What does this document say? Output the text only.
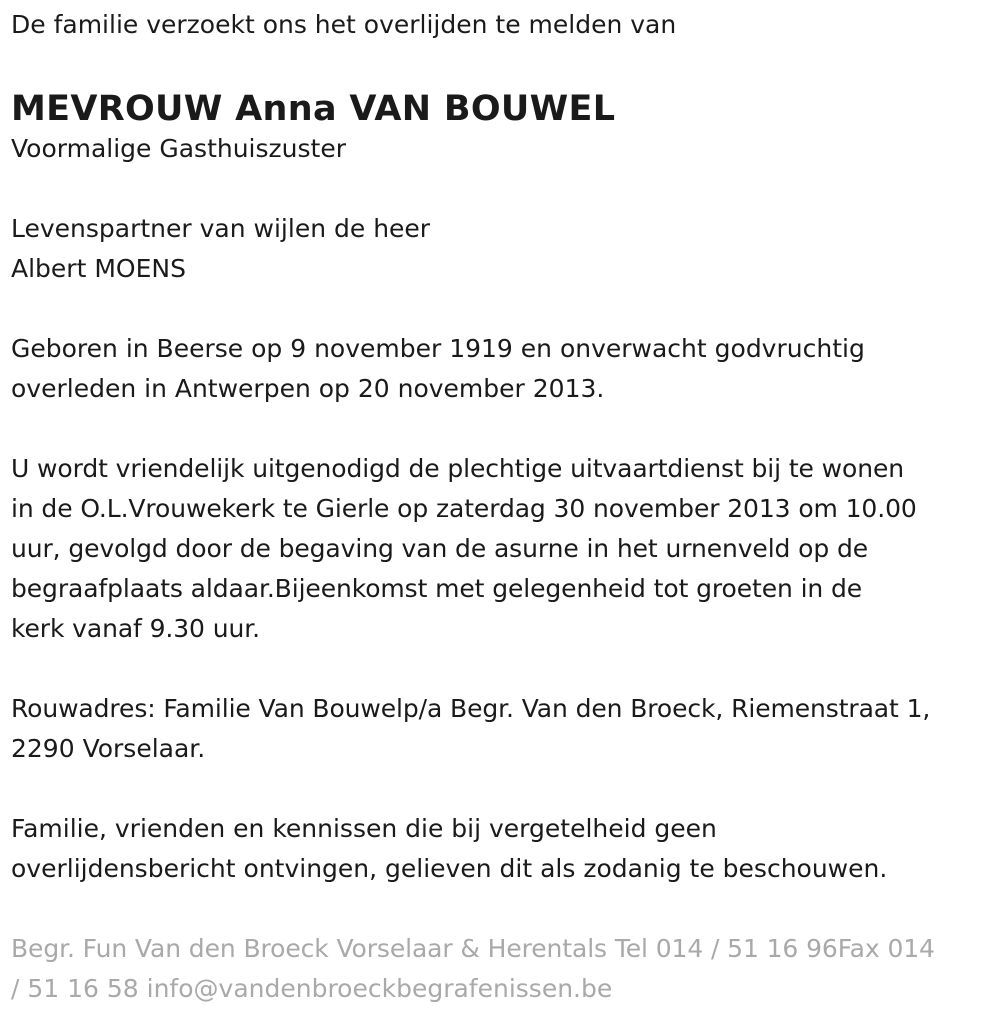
De familie verzoekt ons het overlijden te melden van

MEVROUW Anna VAN BOUWEL

Voormalige Gasthuiszuster

Levenspartner van wijlen de heer

Albert MOENS

Geboren in Beerse op 9 november 1919 en onverwacht godvruchtig

overleden in Antwerpen op 20 november 2013.

U wordt vriendelijk uitgenodigd de plechtige uitvaartdienst bij te wonen

in de O.L.Vrouwekerk te Gierle op zaterdag 30 november 2013 om 10.00

uur, gevolgd door de begaving van de asurne in het urnenveld op de

begraafplaats aldaar.Bijeenkomst met gelegenheid tot groeten in de

kerk vanaf 9.30 uur.

Rouwadres: Familie Van Bouwelp/a Begr. Van den Broeck, Riemenstraat 1,

2290 Vorselaar.

Familie, vrienden en kennissen die bij vergetelheid geen

overlijdensbericht ontvingen, gelieven dit als zodanig te beschouwen.

Begr. Fun Van den Broeck Vorselaar & Herentals Tel 014 / 51 16 96Fax 014

/ 51 16 58 info@vandenbroeckbegrafenissen.be
